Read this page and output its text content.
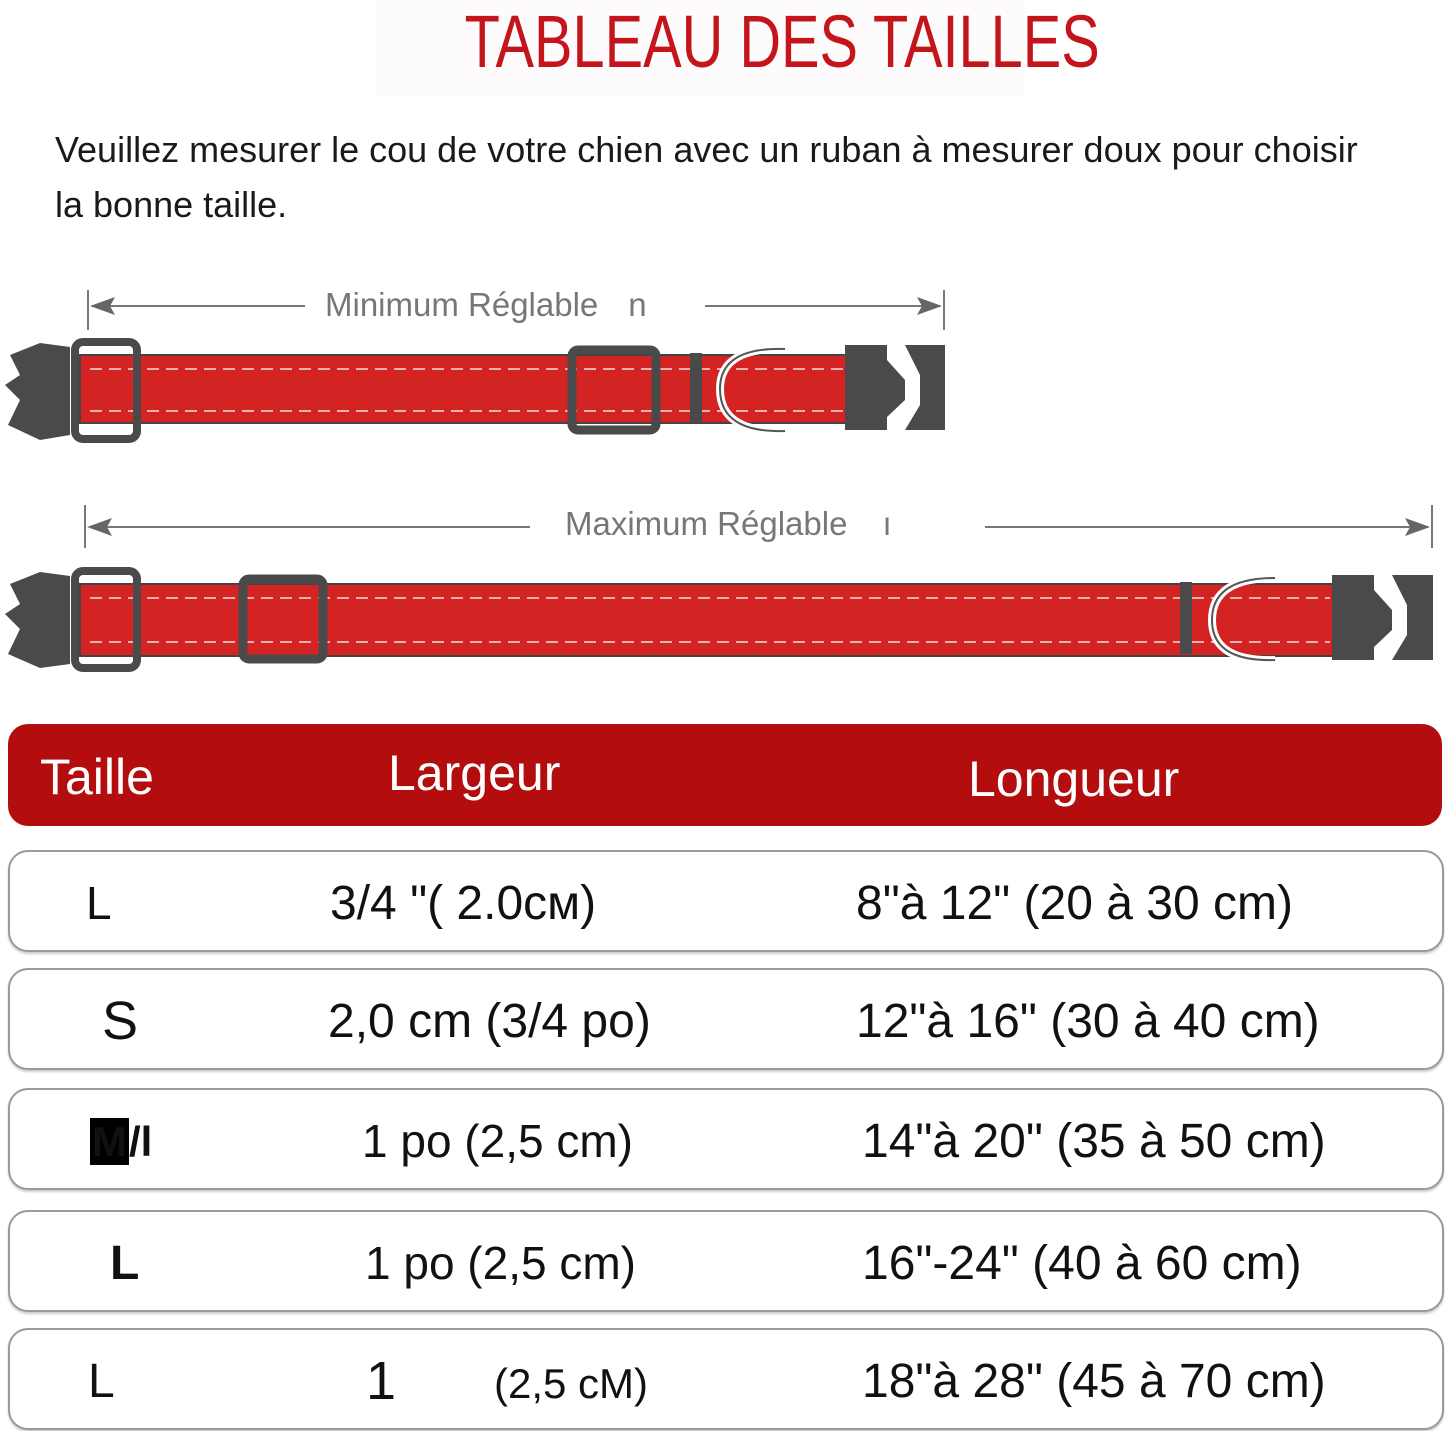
TABLEAU DES TAILLES
Veuillez mesurer le cou de votre chien avec un ruban à mesurer doux pour choisir la bonne taille.
Minimum Réglable n
Maximum Réglable ı
Taille	Largeur	Longueur
L	3/4 "( 2.0cм)	8"à 12" (20 à 30 cm)
S	2,0 cm (3/4 po)	12"à 16" (30 à 40 cm)
M/l	1 po (2,5 cm)	14"à 20" (35 à 50 cm)
L	1 po (2,5 cm)	16"-24" (40 à 60 cm)
L	1 (2,5 cM)	18"à 28" (45 à 70 cm)
